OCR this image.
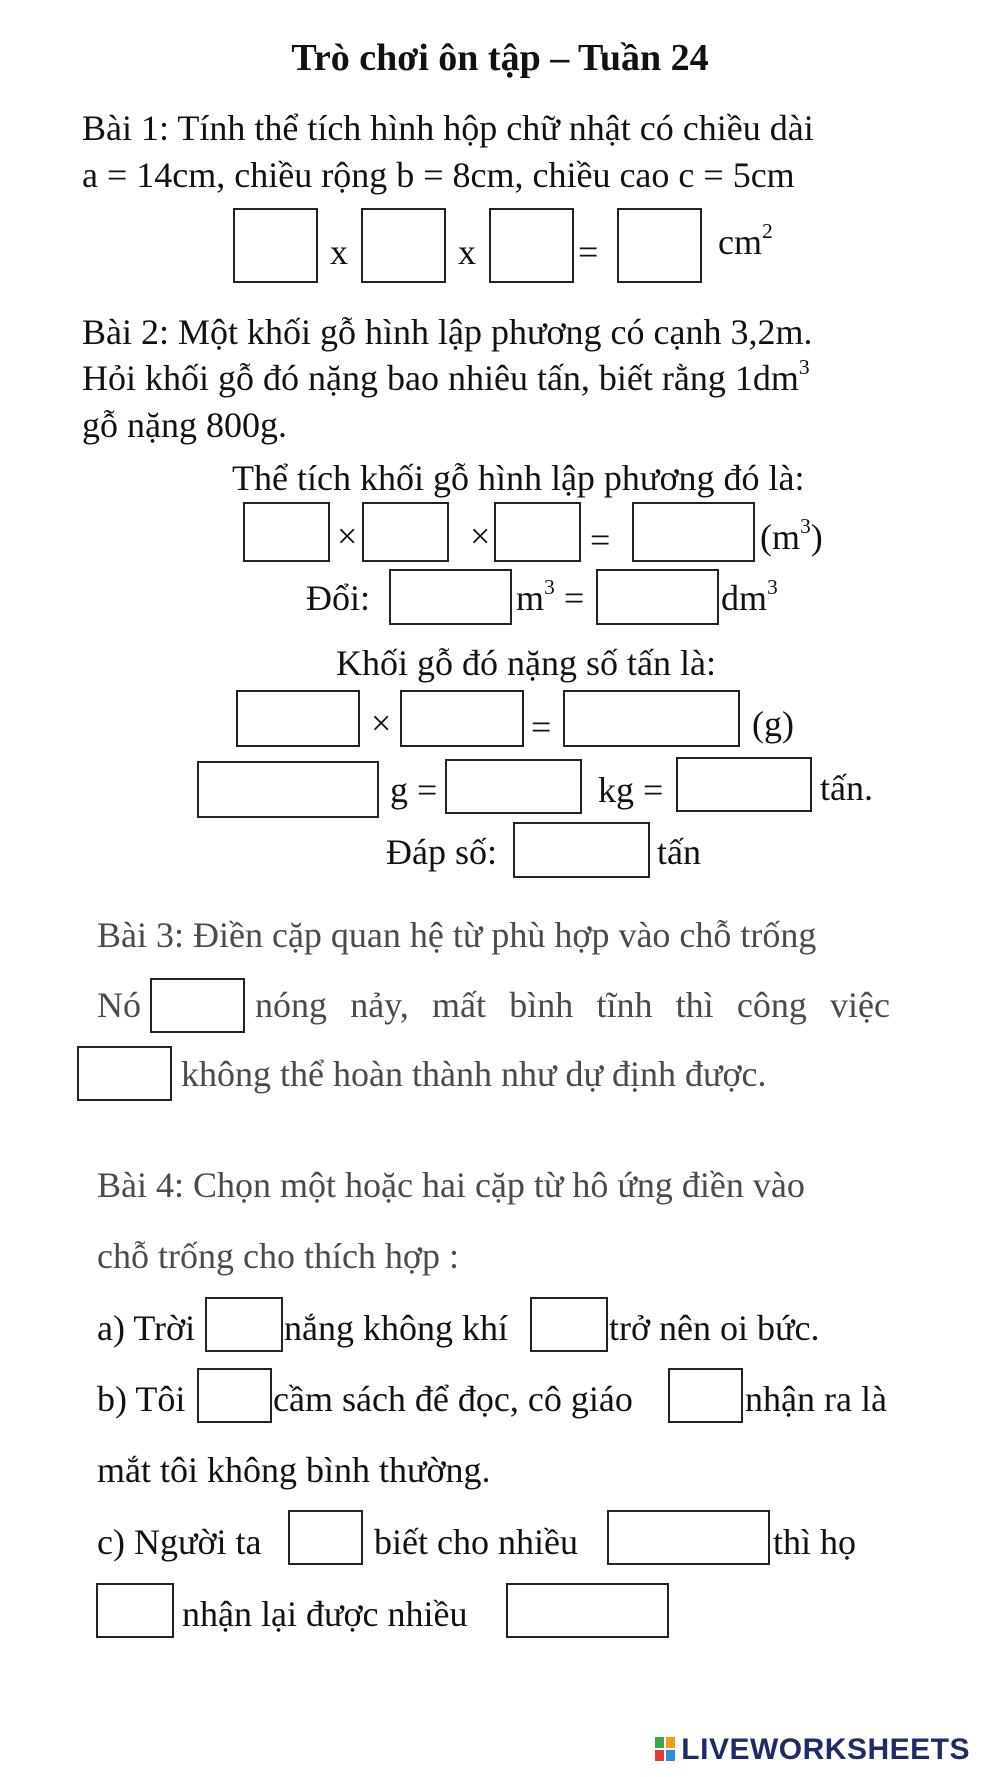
Trò chơi ôn tập – Tuần 24
Bài 1: Tính thể tích hình hộp chữ nhật có chiều dài
a = 14cm, chiều rộng b = 8cm, chiều cao c = 5cm
x	x	=	$cm^2$
Bài 2: Một khối gỗ hình lập phương có cạnh 3,2m.
Hỏi khối gỗ đó nặng bao nhiêu tấn, biết rằng $1dm^3$
gỗ nặng 800g.
Thể tích khối gỗ hình lập phương đó là:
×	×	=	$(m^3)$
Đổi:	$m^3$ =	$dm^3$
Khối gỗ đó nặng số tấn là:
×	=	(g)
g =	kg =	tấn.
Đáp số:	tấn
Bài 3: Điền cặp quan hệ từ phù hợp vào chỗ trống
Nó	nóng nảy, mất bình tĩnh thì công việc
không thể hoàn thành như dự định được.
Bài 4: Chọn một hoặc hai cặp từ hô ứng điền vào
chỗ trống cho thích hợp :
a) Trời nắng không khí	trở nên oi bức.
b) Tôi cầm sách để đọc, cô giáo	nhận ra là
mắt tôi không bình thường.
c) Người ta	biết cho nhiều	thì họ
nhận lại được nhiều
LIVEWORKSHEETS
